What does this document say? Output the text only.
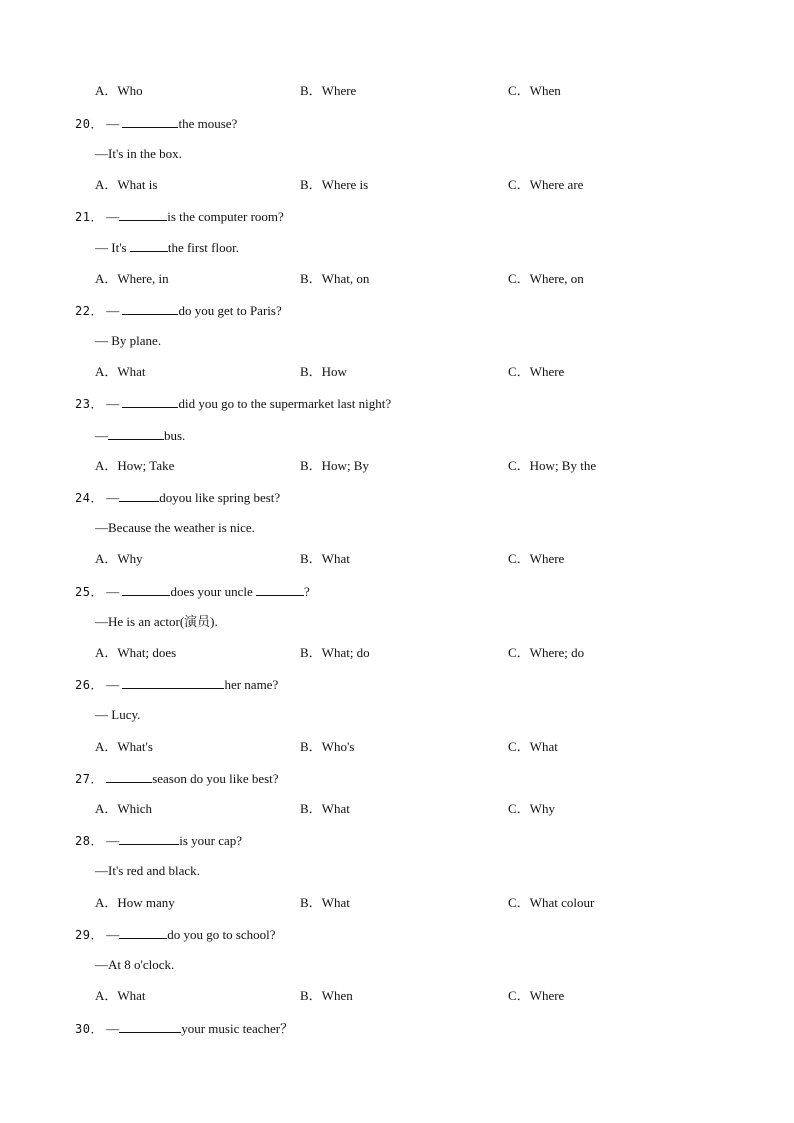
A．Who	B．Where	C．When
20． —	the mouse?
—It's in the box.
A．What is	B．Where is	C．Where are
21． —	is the computer room?
— It's	the first floor.
A．Where, in	B．What, on	C．Where, on
22． —	do you get to Paris?
— By plane.
A．What	B．How	C．Where
23． —	did you go to the supermarket last night?
—	bus.
A．How; Take	B．How; By	C．How; By the
24． —	doyou like spring best?
—Because the weather is nice.
A．Why	B．What	C．Where
25． —	does your uncle	?
—He is an actor(演员).
A．What; does	B．What; do	C．Where; do
26． —	her name?
— Lucy.
A．What's	B．Who's	C．What
27．	season do you like best?
A．Which	B．What	C．Why
28． —	is your cap?
—It's red and black.
A．How many	B．What	C．What colour
29． —	do you go to school?
—At 8 o'clock.
A．What	B．When	C．Where
30． —	your music teacher？
